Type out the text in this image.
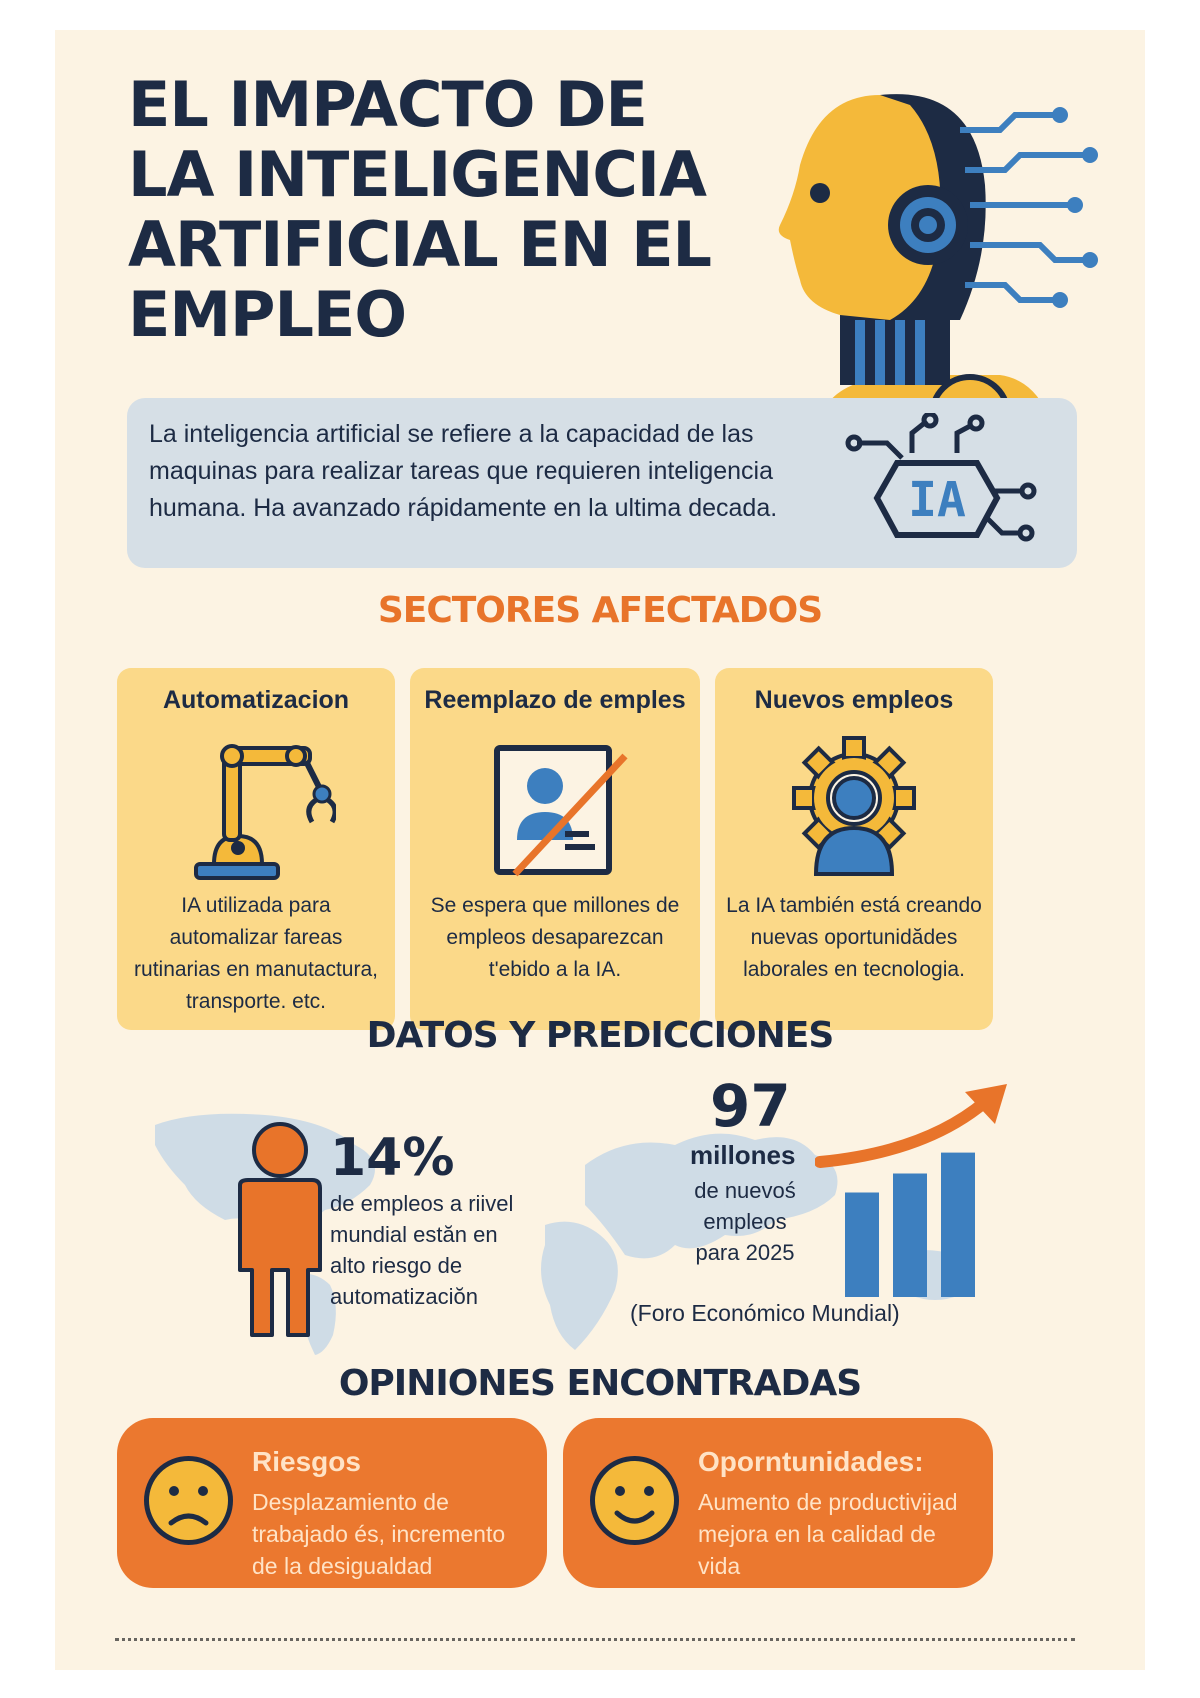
EL IMPACTO DE LA INTELIGENCIA ARTIFICIAL EN EL EMPLEO

La inteligencia artificial se refiere a la capacidad de las maquinas para realizar tareas que requieren inteligencia humana. Ha avanzado rápidamente en la ultima decada.	IA
SECTORES AFECTADOS
Automatizacion
IA utilizada para automalizar fareas rutinarias en manutactura, transporte. etc.
Reemplazo de emples
Se espera que millones de empleos desaparezcan t'ebido a la IA.
Nuevos empleos
La IA también está creando nuevas oportunidădes laborales en tecnologia.
DATOS Y PREDICCIONES
14%
de empleos a riivel mundial estăn en alto riesgo de automatizaciŏn
97
millones
de nuevoś empleos para 2025
(Foro Económico Mundial)
OPINIONES ENCONTRADAS
Riesgos
Desplazamiento de trabajado és, incremento de la desigualdad
Oporntunidades:
Aumento de productivijad mejora en la calidad de vida
